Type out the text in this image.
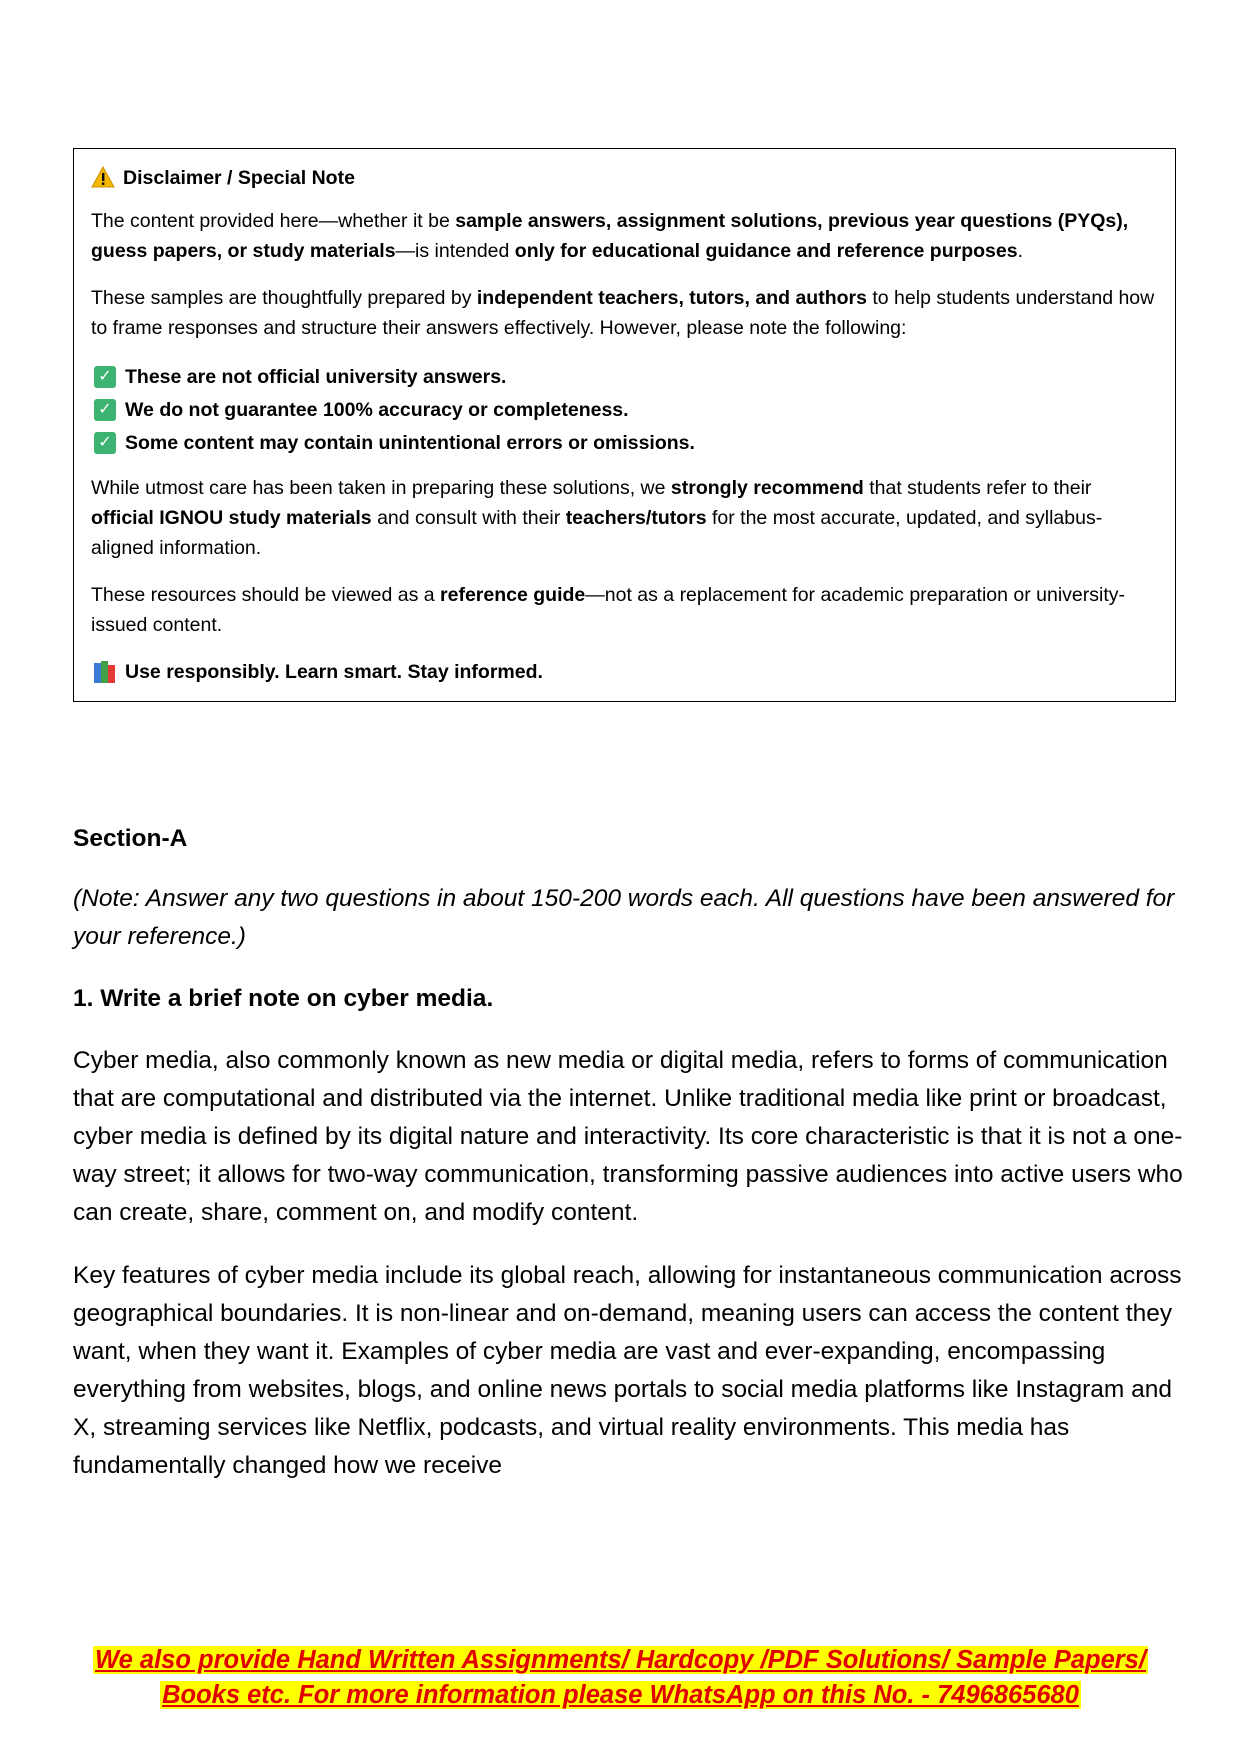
Disclaimer / Special Note

The content provided here—whether it be sample answers, assignment solutions, previous year questions (PYQs), guess papers, or study materials—is intended only for educational guidance and reference purposes.

These samples are thoughtfully prepared by independent teachers, tutors, and authors to help students understand how to frame responses and structure their answers effectively. However, please note the following:

✓ These are not official university answers.
✓ We do not guarantee 100% accuracy or completeness.
✓ Some content may contain unintentional errors or omissions.

While utmost care has been taken in preparing these solutions, we strongly recommend that students refer to their official IGNOU study materials and consult with their teachers/tutors for the most accurate, updated, and syllabus-aligned information.

These resources should be viewed as a reference guide—not as a replacement for academic preparation or university-issued content.

Use responsibly. Learn smart. Stay informed.

Section-A

(Note: Answer any two questions in about 150-200 words each. All questions have been answered for your reference.)

1. Write a brief note on cyber media.

Cyber media, also commonly known as new media or digital media, refers to forms of communication that are computational and distributed via the internet. Unlike traditional media like print or broadcast, cyber media is defined by its digital nature and interactivity. Its core characteristic is that it is not a one-way street; it allows for two-way communication, transforming passive audiences into active users who can create, share, comment on, and modify content.

Key features of cyber media include its global reach, allowing for instantaneous communication across geographical boundaries. It is non-linear and on-demand, meaning users can access the content they want, when they want it. Examples of cyber media are vast and ever-expanding, encompassing everything from websites, blogs, and online news portals to social media platforms like Instagram and X, streaming services like Netflix, podcasts, and virtual reality environments. This media has fundamentally changed how we receive

We also provide Hand Written Assignments/ Hardcopy /PDF Solutions/ Sample Papers/
Books etc. For more information please WhatsApp on this No. - 7496865680
